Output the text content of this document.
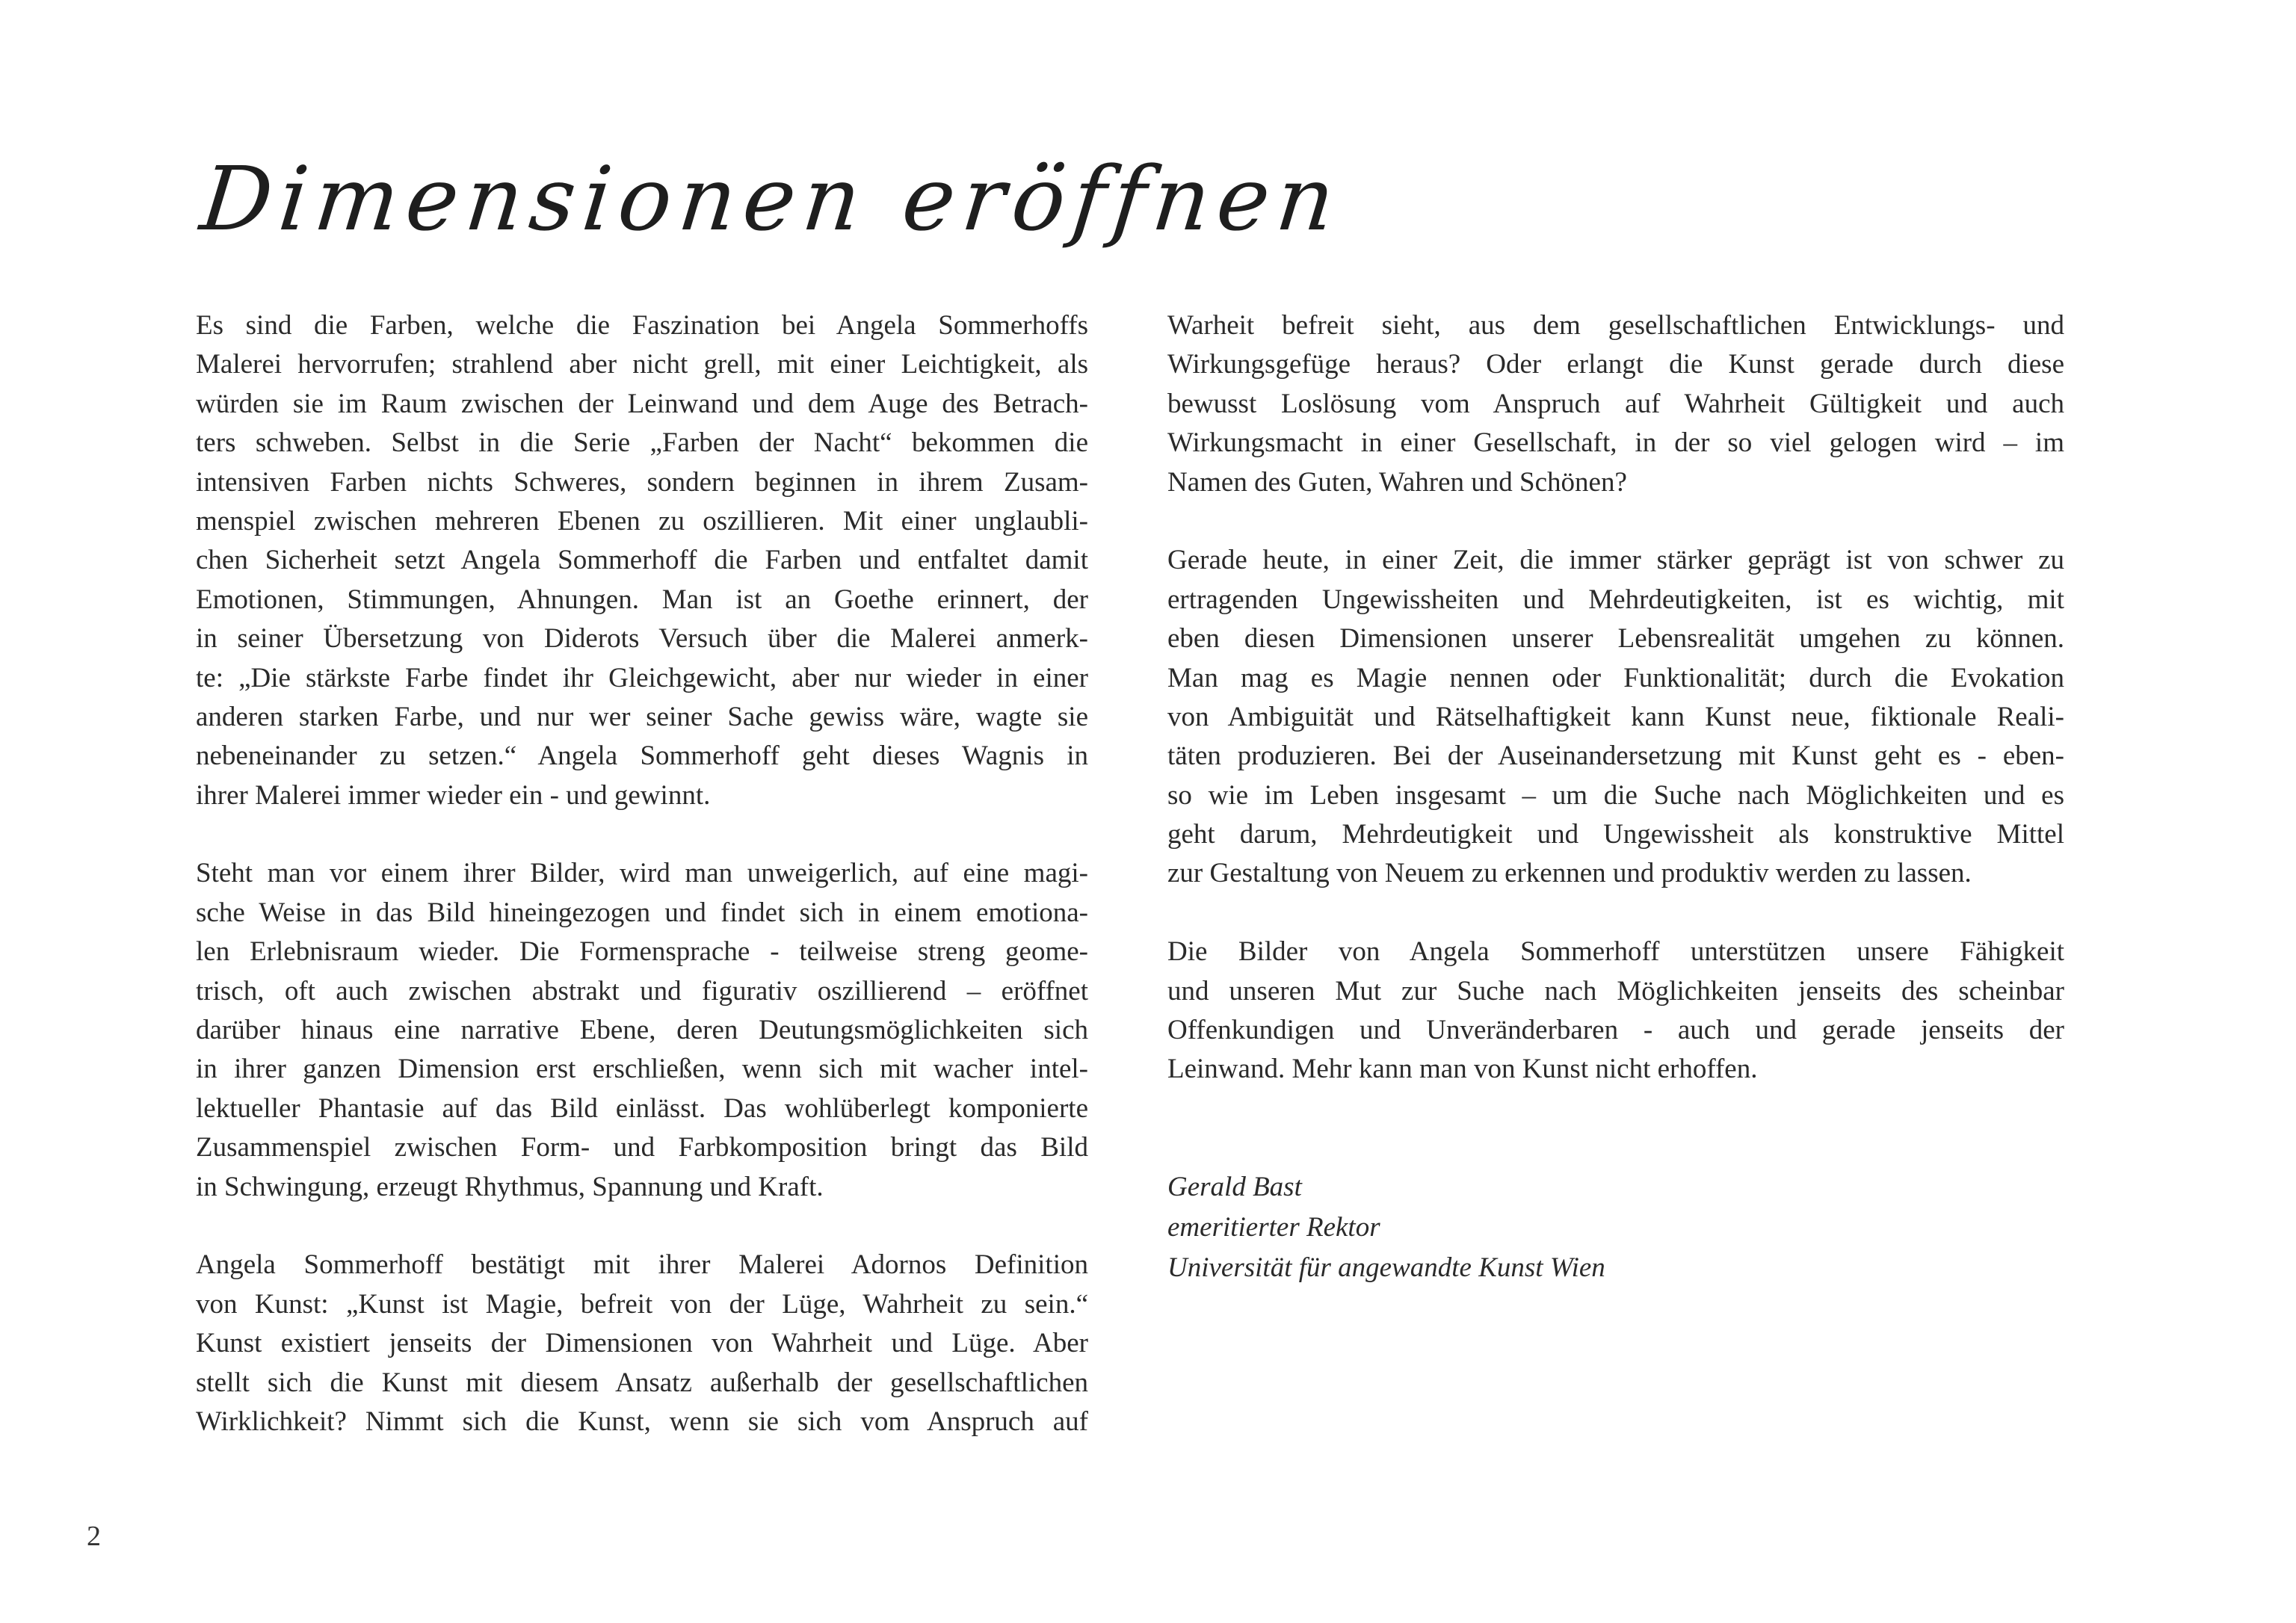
Dimensionen eröffnen
Es sind die Farben, welche die Faszination bei Angela Sommerhoffs
Malerei hervorrufen; strahlend aber nicht grell, mit einer Leichtigkeit, als
würden sie im Raum zwischen der Leinwand und dem Auge des Betrach-
ters schweben. Selbst in die Serie „Farben der Nacht“ bekommen die
intensiven Farben nichts Schweres, sondern beginnen in ihrem Zusam-
menspiel zwischen mehreren Ebenen zu oszillieren. Mit einer unglaubli-
chen Sicherheit setzt Angela Sommerhoff die Farben und entfaltet damit
Emotionen, Stimmungen, Ahnungen. Man ist an Goethe erinnert, der
in seiner Übersetzung von Diderots Versuch über die Malerei anmerk-
te: „Die stärkste Farbe findet ihr Gleichgewicht, aber nur wieder in einer
anderen starken Farbe, und nur wer seiner Sache gewiss wäre, wagte sie
nebeneinander zu setzen.“ Angela Sommerhoff geht dieses Wagnis in
ihrer Malerei immer wieder ein - und gewinnt.
Steht man vor einem ihrer Bilder, wird man unweigerlich, auf eine magi-
sche Weise in das Bild hineingezogen und findet sich in einem emotiona-
len Erlebnisraum wieder. Die Formensprache - teilweise streng geome-
trisch, oft auch zwischen abstrakt und figurativ oszillierend – eröffnet
darüber hinaus eine narrative Ebene, deren Deutungsmöglichkeiten sich
in ihrer ganzen Dimension erst erschließen, wenn sich mit wacher intel-
lektueller Phantasie auf das Bild einlässt. Das wohlüberlegt komponierte
Zusammenspiel zwischen Form- und Farbkomposition bringt das Bild
in Schwingung, erzeugt Rhythmus, Spannung und Kraft.
Angela Sommerhoff bestätigt mit ihrer Malerei Adornos Definition
von Kunst: „Kunst ist Magie, befreit von der Lüge, Wahrheit zu sein.“
Kunst existiert jenseits der Dimensionen von Wahrheit und Lüge. Aber
stellt sich die Kunst mit diesem Ansatz außerhalb der gesellschaftlichen
Wirklichkeit? Nimmt sich die Kunst, wenn sie sich vom Anspruch auf
Warheit befreit sieht, aus dem gesellschaftlichen Entwicklungs- und
Wirkungsgefüge heraus? Oder erlangt die Kunst gerade durch diese
bewusst Loslösung vom Anspruch auf Wahrheit Gültigkeit und auch
Wirkungsmacht in einer Gesellschaft, in der so viel gelogen wird – im
Namen des Guten, Wahren und Schönen?
Gerade heute, in einer Zeit, die immer stärker geprägt ist von schwer zu
ertragenden Ungewissheiten und Mehrdeutigkeiten, ist es wichtig, mit
eben diesen Dimensionen unserer Lebensrealität umgehen zu können.
Man mag es Magie nennen oder Funktionalität; durch die Evokation
von Ambiguität und Rätselhaftigkeit kann Kunst neue, fiktionale Reali-
täten produzieren. Bei der Auseinandersetzung mit Kunst geht es - eben-
so wie im Leben insgesamt – um die Suche nach Möglichkeiten und es
geht darum, Mehrdeutigkeit und Ungewissheit als konstruktive Mittel
zur Gestaltung von Neuem zu erkennen und produktiv werden zu lassen.
Die Bilder von Angela Sommerhoff unterstützen unsere Fähigkeit
und unseren Mut zur Suche nach Möglichkeiten jenseits des scheinbar
Offenkundigen und Unveränderbaren - auch und gerade jenseits der
Leinwand. Mehr kann man von Kunst nicht erhoffen.
Gerald Bast
emeritierter Rektor
Universität für angewandte Kunst Wien
2
